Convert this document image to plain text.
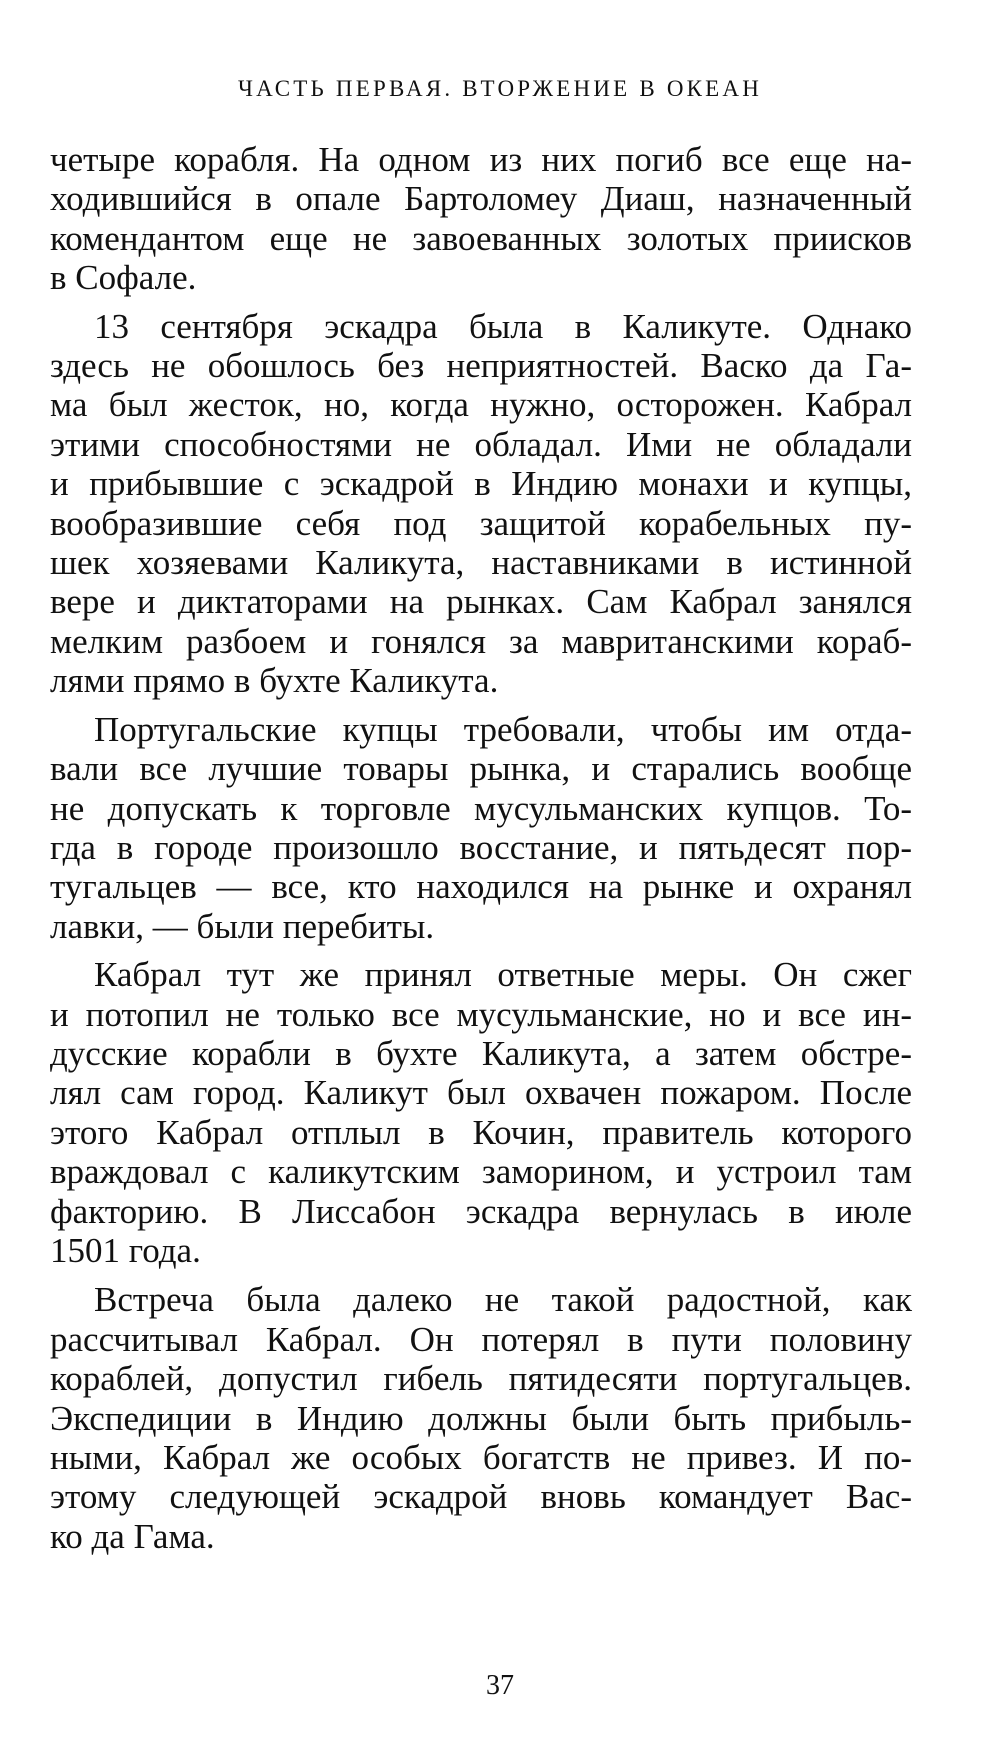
ЧАСТЬ ПЕРВАЯ. ВТОРЖЕНИЕ В ОКЕАН
четыре корабля. На одном из них погиб все еще на-
ходившийся в опале Бартоломеу Диаш, назначенный
комендантом еще не завоеванных золотых приисков
в Софале.
13 сентября эскадра была в Каликуте. Однако
здесь не обошлось без неприятностей. Васко да Га-
ма был жесток, но, когда нужно, осторожен. Кабрал
этими способностями не обладал. Ими не обладали
и прибывшие с эскадрой в Индию монахи и купцы,
вообразившие себя под защитой корабельных пу-
шек хозяевами Каликута, наставниками в истинной
вере и диктаторами на рынках. Сам Кабрал занялся
мелким разбоем и гонялся за мавританскими кораб-
лями прямо в бухте Каликута.
Португальские купцы требовали, чтобы им отда-
вали все лучшие товары рынка, и старались вообще
не допускать к торговле мусульманских купцов. То-
гда в городе произошло восстание, и пятьдесят пор-
тугальцев — все, кто находился на рынке и охранял
лавки, — были перебиты.
Кабрал тут же принял ответные меры. Он сжег
и потопил не только все мусульманские, но и все ин-
дусские корабли в бухте Каликута, а затем обстре-
лял сам город. Каликут был охвачен пожаром. После
этого Кабрал отплыл в Кочин, правитель которого
враждовал с каликутским заморином, и устроил там
факторию. В Лиссабон эскадра вернулась в июле
1501 года.
Встреча была далеко не такой радостной, как
рассчитывал Кабрал. Он потерял в пути половину
кораблей, допустил гибель пятидесяти португальцев.
Экспедиции в Индию должны были быть прибыль-
ными, Кабрал же особых богатств не привез. И по-
этому следующей эскадрой вновь командует Вас-
ко да Гама.
37
